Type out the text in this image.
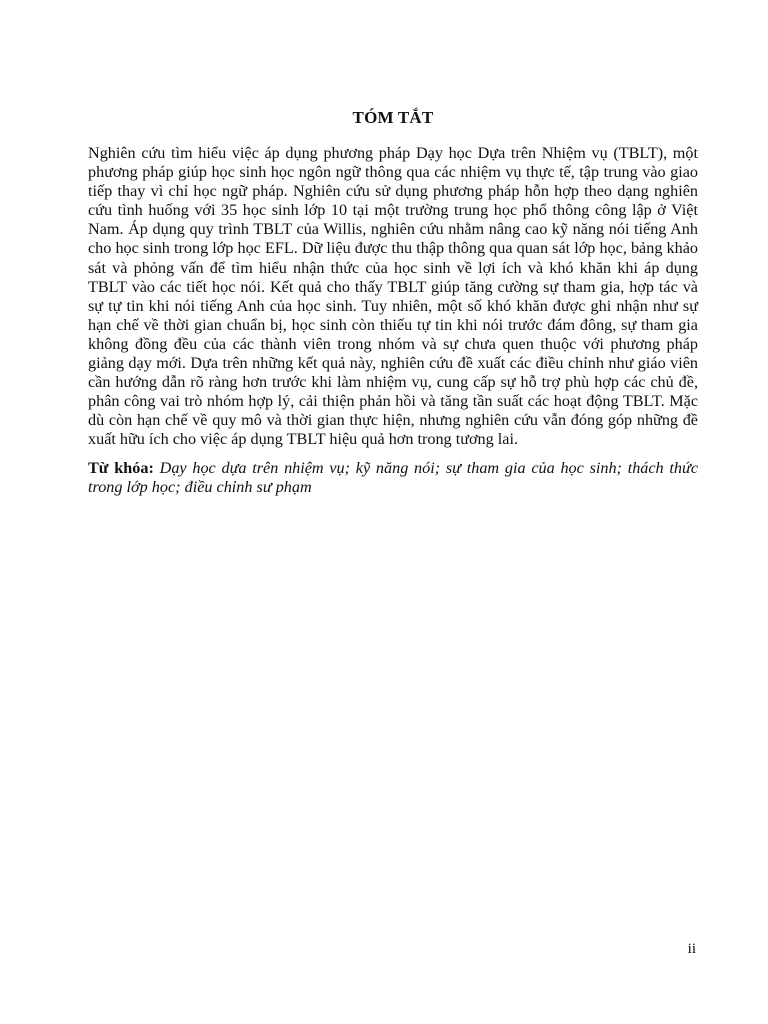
TÓM TẮT

Nghiên cứu tìm hiểu việc áp dụng phương pháp Dạy học Dựa trên Nhiệm vụ (TBLT), một phương pháp giúp học sinh học ngôn ngữ thông qua các nhiệm vụ thực tế, tập trung vào giao tiếp thay vì chỉ học ngữ pháp. Nghiên cứu sử dụng phương pháp hỗn hợp theo dạng nghiên cứu tình huống với 35 học sinh lớp 10 tại một trường trung học phổ thông công lập ở Việt Nam. Áp dụng quy trình TBLT của Willis, nghiên cứu nhằm nâng cao kỹ năng nói tiếng Anh cho học sinh trong lớp học EFL. Dữ liệu được thu thập thông qua quan sát lớp học, bảng khảo sát và phỏng vấn để tìm hiểu nhận thức của học sinh về lợi ích và khó khăn khi áp dụng TBLT vào các tiết học nói. Kết quả cho thấy TBLT giúp tăng cường sự tham gia, hợp tác và sự tự tin khi nói tiếng Anh của học sinh. Tuy nhiên, một số khó khăn được ghi nhận như sự hạn chế về thời gian chuẩn bị, học sinh còn thiếu tự tin khi nói trước đám đông, sự tham gia không đồng đều của các thành viên trong nhóm và sự chưa quen thuộc với phương pháp giảng dạy mới. Dựa trên những kết quả này, nghiên cứu đề xuất các điều chỉnh như giáo viên cần hướng dẫn rõ ràng hơn trước khi làm nhiệm vụ, cung cấp sự hỗ trợ phù hợp các chủ đề, phân công vai trò nhóm hợp lý, cải thiện phản hồi và tăng tần suất các hoạt động TBLT. Mặc dù còn hạn chế về quy mô và thời gian thực hiện, nhưng nghiên cứu vẫn đóng góp những đề xuất hữu ích cho việc áp dụng TBLT hiệu quả hơn trong tương lai.

Từ khóa: Dạy học dựa trên nhiệm vụ; kỹ năng nói; sự tham gia của học sinh; thách thức trong lớp học; điều chỉnh sư phạm

ii
